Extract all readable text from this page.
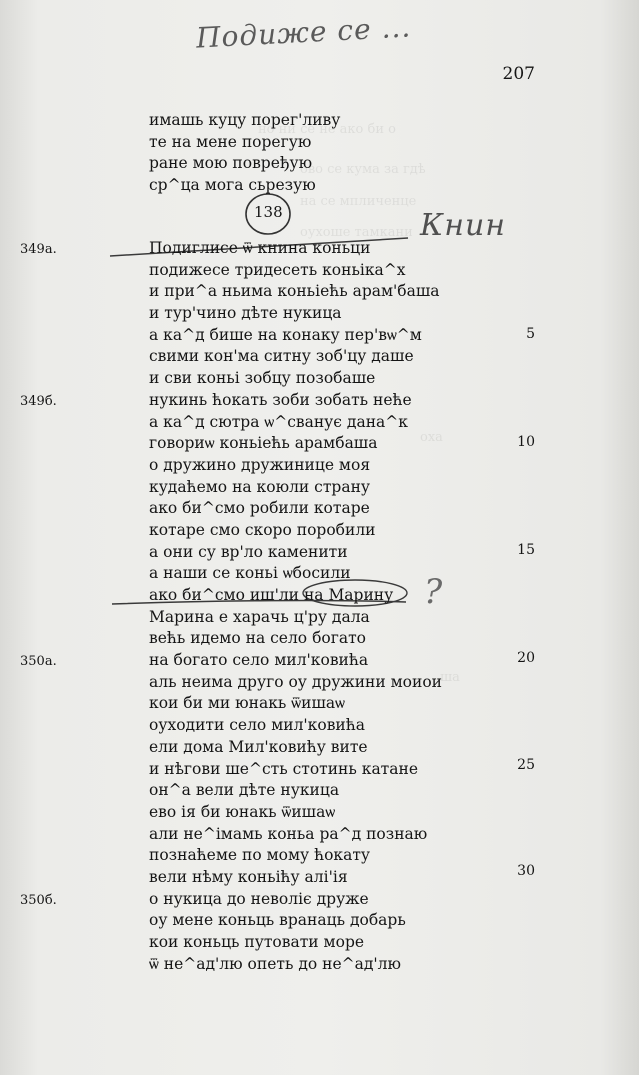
но ни се не ако би о
ово се кума за гдѣ
на се мпличенце
оухоше тамкани
оха
ша
Подиже се ...
Книн
?
207
имашь куцу порег'ливу
те на мене порегую
ране мою повређую
ср^ца мога сьрезую
138
Подиглисе ѿ книна коньци
подижесе тридесеть коньіка^х
и при^а ньима коньіећь арам'баша
и тур'чино дѣте нукица
а ка^д бише на конаку пер'вѡ^м
свими кон'ма ситну зоб'цу даше
и сви коньі зобцу позобаше
нукинь ћокать зоби зобать неће
а ка^д сютра ѡ^сванує дана^к
говориѡ коньіећь арамбаша
о дружино дружинице моя
кудаћемо на коюли страну
ако би^смо робили котаре
котаре смо скоро поробили
а они су вр'ло каменити
а наши се коньі ѡбосили
ако би^смо иш'ли на Марину
Марина е харачь ц'ру дала
већь идемо на село богато
на богато село мил'ковића
аль неима друго оу дружини моиои
кои би ми юнакь ѿишаѡ
оуходити село мил'ковића
ели дома Мил'ковићу вите
и нѣгови ше^сть стотинь катане
он^а вели дѣте нукица
ево ія би юнакь ѿишаѡ
али не^імамь коньа ра^д познаю
познаћеме по мому ћокату
вели нѣму коньіћу алі'ія
о нукица до неволіє друже
оу мене коньць вранаць добарь
кои коньць путовати море
ѿ не^ад'лю опеть до не^ад'лю
349a.
349б.
350a.
350б.
5
10
15
20
25
30
